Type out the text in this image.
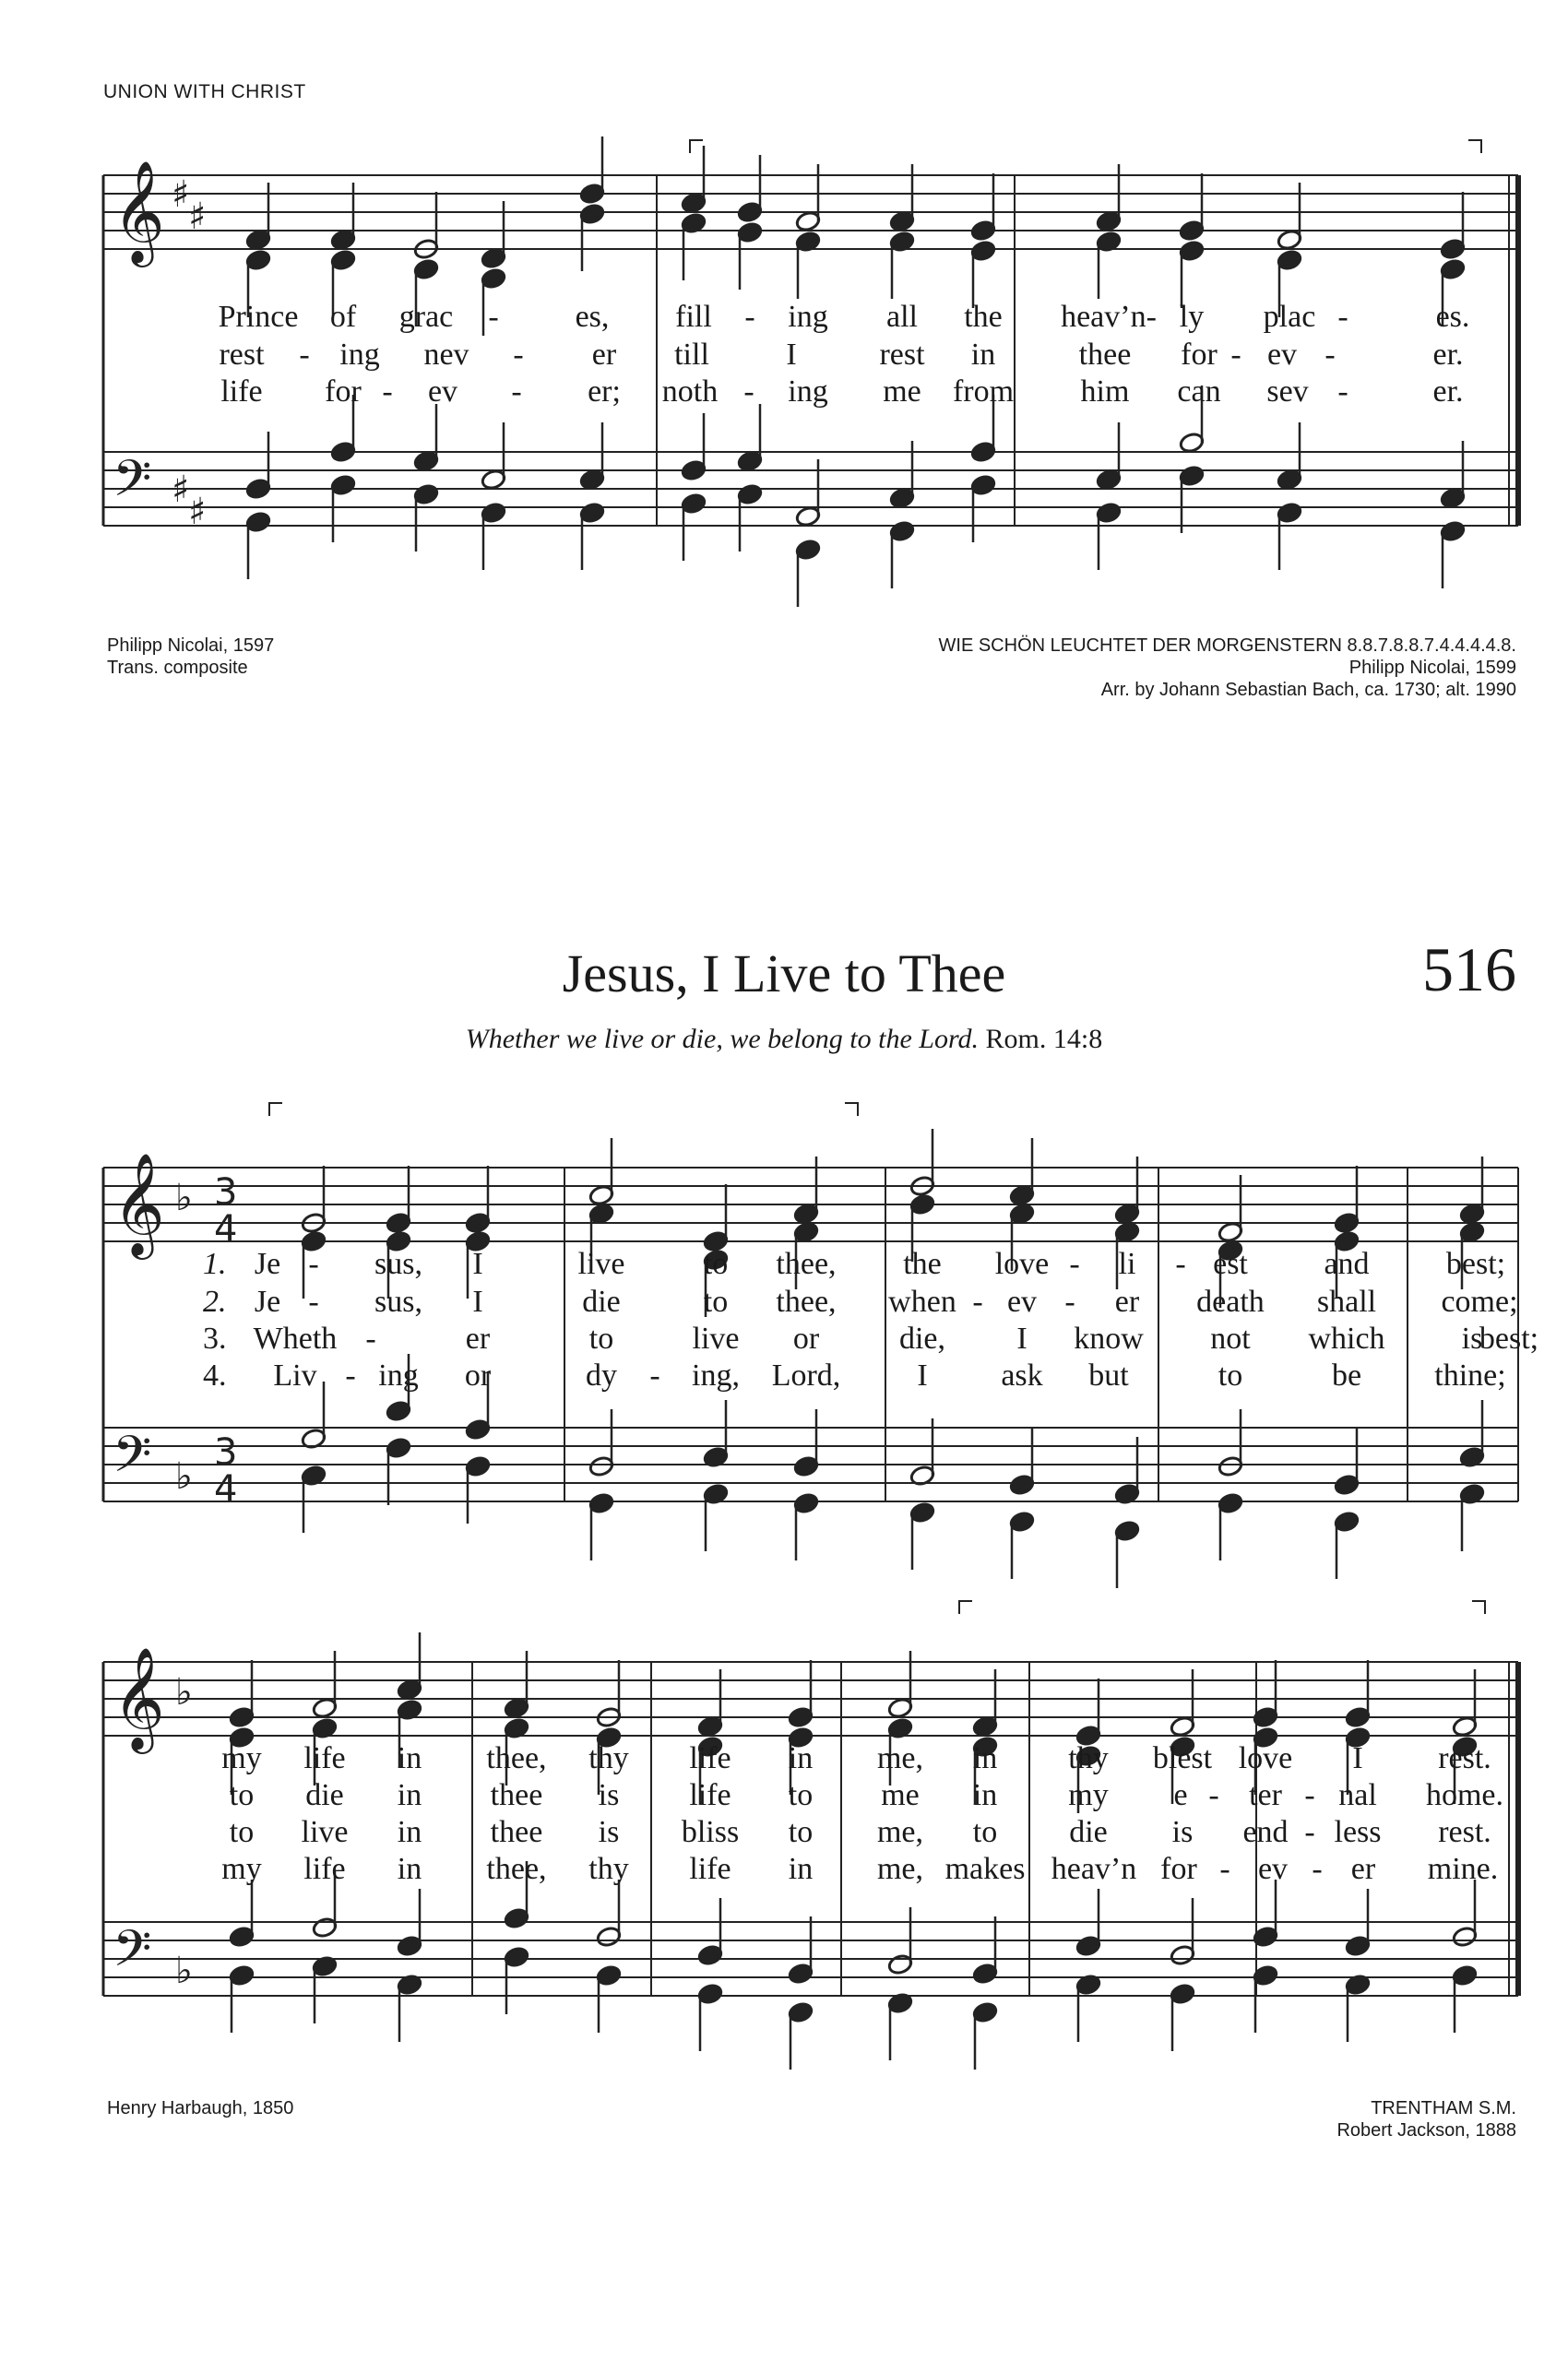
UNION WITH CHRIST
𝄞
𝄢
♯
♯
♯
♯
𝄞
𝄢
♭
♭
3
4
3
4
𝄞
𝄢
♭
♭
Prince of grac - es, fill - ing all the heav’n- ly plac -	es.
rest - ing nev - er till I	rest in	thee for - ev -	er.
life for - ev - er; noth - ing me from him can sev -	er.
Philipp Nicolai, 1597
Trans. composite
WIE SCHÖN LEUCHTET DER MORGENSTERN 8.8.7.8.8.7.4.4.4.4.8.
Philipp Nicolai, 1599
Arr. by Johann Sebastian Bach, ca. 1730; alt. 1990
Jesus, I Live to Thee	516
Whether we live or die, we belong to the Lord. Rom. 14:8
1. Je - sus, I	live	to thee, the love - li - est and best;
2. Je - sus, I	die	to thee, when - ev - er death shall come;
3. Wheth -	er	to	live or	die, I know not which is
best;
4. Liv - ing or	dy - ing, Lord, I ask but	to	be thine;
my life in thee, thy life in me, in thy blest love I rest.
to die in thee is life to me in my e - ter - nal home.
to live in thee is bliss to me, to die is end - less rest.
my life in thee, thy life in me, makes heav’n for - ev - er mine.
Henry Harbaugh, 1850	TRENTHAM S.M.
Robert Jackson, 1888
